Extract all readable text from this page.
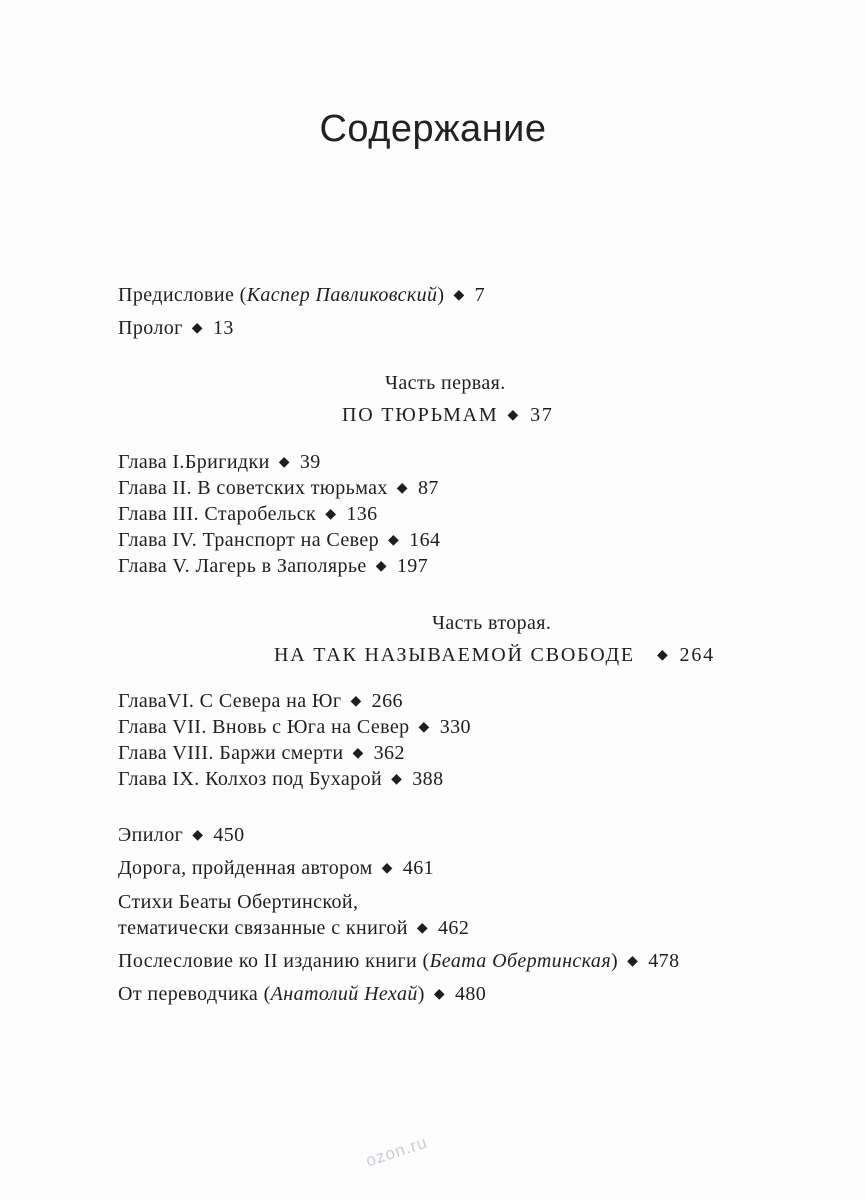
Содержание
Предисловие (Каспер Павликовский) ◆ 7
Пролог ◆ 13
Часть первая.
ПО ТЮРЬМАМ ◆ 37
Глава I.Бригидки ◆ 39
Глава II. В советских тюрьмах ◆ 87
Глава III. Старобельск ◆ 136
Глава IV. Транспорт на Север ◆ 164
Глава V. Лагерь в Заполярье ◆ 197
Часть вторая.
НА ТАК НАЗЫВАЕМОЙ СВОБОДЕ ◆ 264
ГлаваVI. С Севера на Юг ◆ 266
Глава VII. Вновь с Юга на Север ◆ 330
Глава VIII. Баржи смерти ◆ 362
Глава IX. Колхоз под Бухарой ◆ 388
Эпилог ◆ 450
Дорога, пройденная автором ◆ 461
Стихи Беаты Обертинской,
тематически связанные с книгой ◆ 462
Послесловие ко II изданию книги (Беата Обертинская) ◆ 478
От переводчика (Анатолий Нехай) ◆ 480
ozon.ru
